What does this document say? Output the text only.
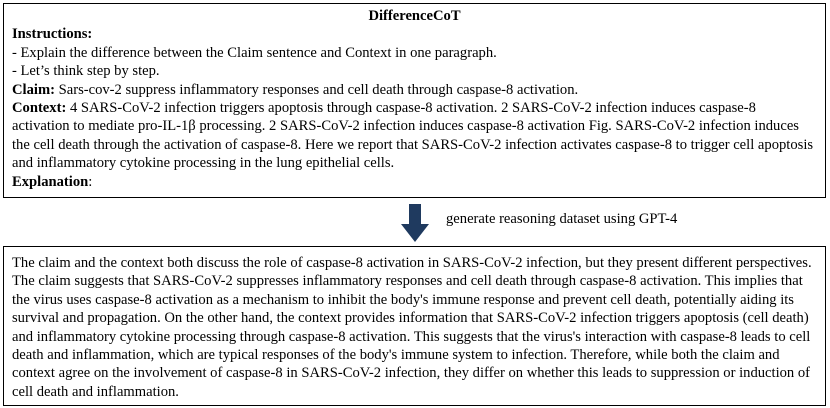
DifferenceCoT
Instructions:
- Explain the difference between the Claim sentence and Context in one paragraph.
- Let’s think step by step.
Claim: Sars-cov-2 suppress inflammatory responses and cell death through caspase-8 activation.
Context: 4 SARS-CoV-2 infection triggers apoptosis through caspase-8 activation. 2 SARS-CoV-2 infection induces caspase-8 activation to mediate pro-IL-1β processing. 2 SARS-CoV-2 infection induces caspase-8 activation Fig. SARS-CoV-2 infection induces the cell death through the activation of caspase-8. Here we report that SARS-CoV-2 infection activates caspase-8 to trigger cell apoptosis and inflammatory cytokine processing in the lung epithelial cells.
Explanation:
generate reasoning dataset using GPT-4
The claim and the context both discuss the role of caspase-8 activation in SARS-CoV-2 infection, but they present different perspectives. The claim suggests that SARS-CoV-2 suppresses inflammatory responses and cell death through caspase-8 activation. This implies that the virus uses caspase-8 activation as a mechanism to inhibit the body's immune response and prevent cell death, potentially aiding its survival and propagation. On the other hand, the context provides information that SARS-CoV-2 infection triggers apoptosis (cell death) and inflammatory cytokine processing through caspase-8 activation. This suggests that the virus's interaction with caspase-8 leads to cell death and inflammation, which are typical responses of the body's immune system to infection. Therefore, while both the claim and context agree on the involvement of caspase-8 in SARS-CoV-2 infection, they differ on whether this leads to suppression or induction of cell death and inflammation.
